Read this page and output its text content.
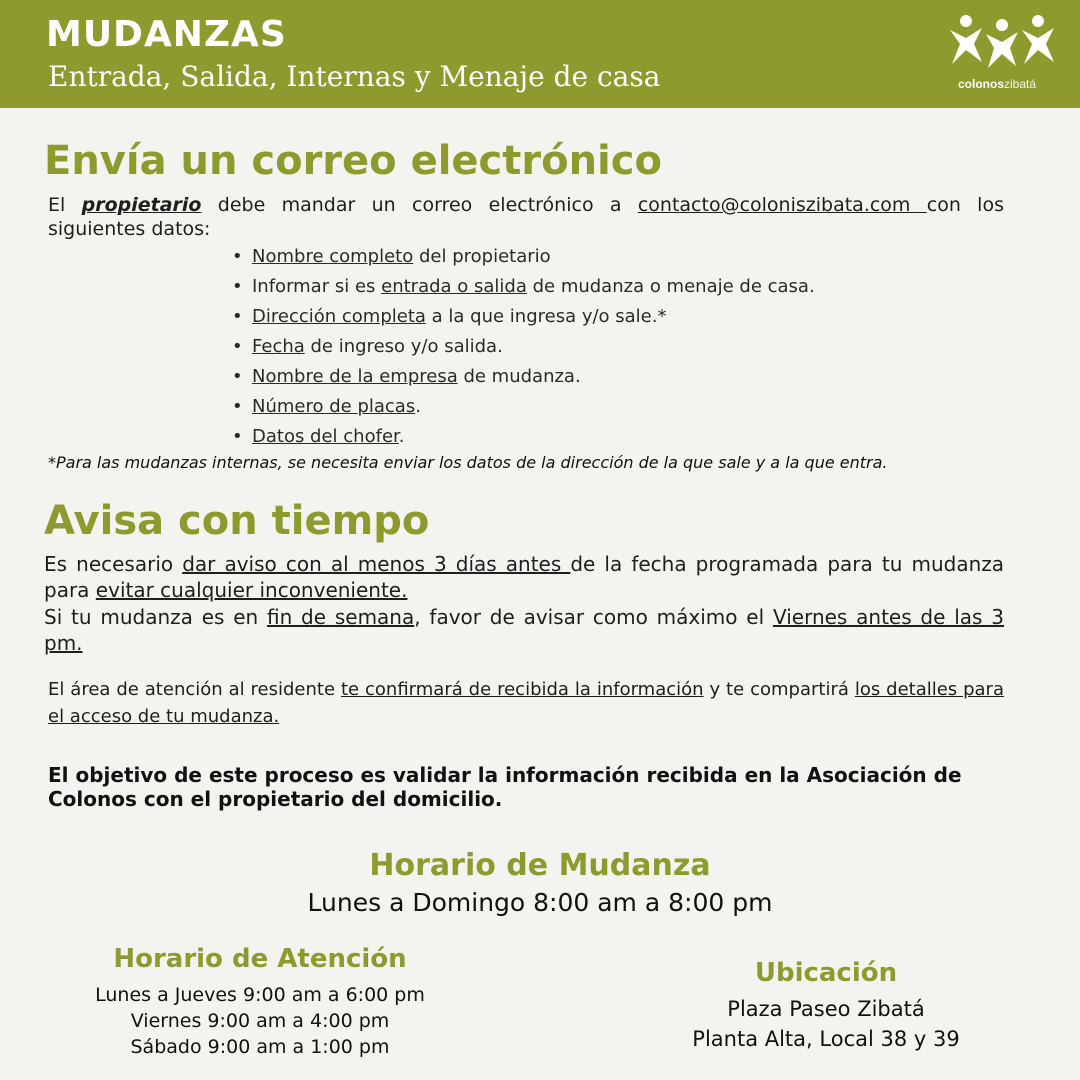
MUDANZAS
Entrada, Salida, Internas y Menaje de casa	colonoszibatá
Envía un correo electrónico
El propietario debe mandar un correo electrónico a contacto@coloniszibata.com con los siguientes datos:
• Nombre completo del propietario
• Informar si es entrada o salida de mudanza o menaje de casa.
• Dirección completa a la que ingresa y/o sale.*
• Fecha de ingreso y/o salida.
• Nombre de la empresa de mudanza.
• Número de placas.
• Datos del chofer.
*Para las mudanzas internas, se necesita enviar los datos de la dirección de la que sale y a la que entra.
Avisa con tiempo
Es necesario dar aviso con al menos 3 días antes de la fecha programada para tu mudanza para evitar cualquier inconveniente.
Si tu mudanza es en fin de semana, favor de avisar como máximo el Viernes antes de las 3 pm.
El área de atención al residente te confirmará de recibida la información y te compartirá los detalles para el acceso de tu mudanza.
El objetivo de este proceso es validar la información recibida en la Asociación de Colonos con el propietario del domicilio.
Horario de Mudanza
Lunes a Domingo 8:00 am a 8:00 pm
Horario de Atención
Lunes a Jueves 9:00 am a 6:00 pm
Viernes 9:00 am a 4:00 pm
Sábado 9:00 am a 1:00 pm
Ubicación
Plaza Paseo Zibatá
Planta Alta, Local 38 y 39
